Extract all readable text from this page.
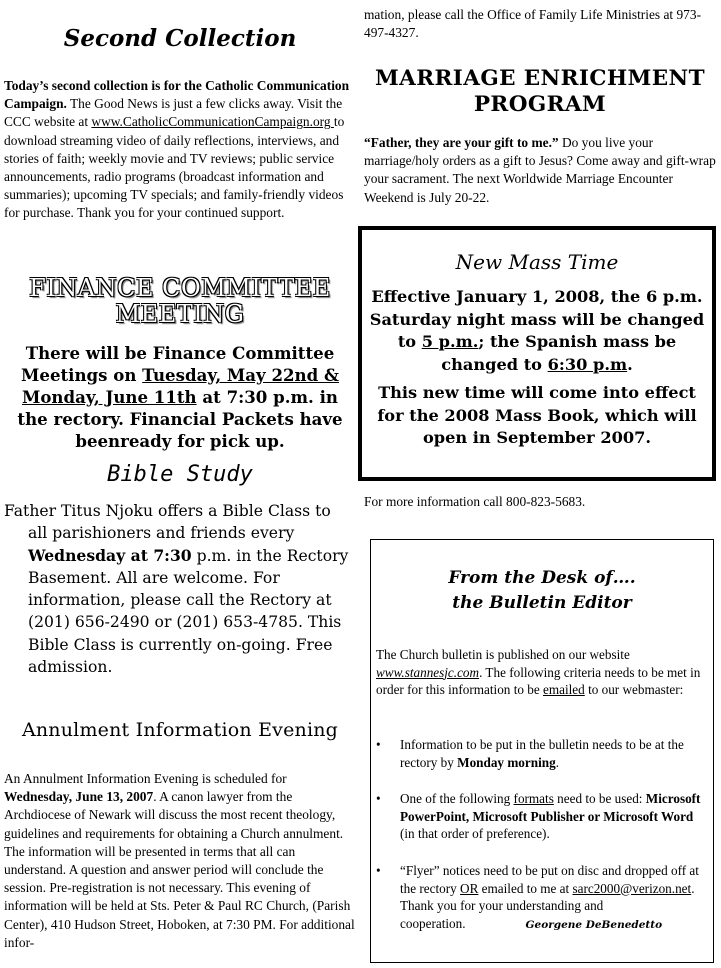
Second Collection
Today’s second collection is for the Catholic Communication Campaign. The Good News is just a few clicks away. Visit the CCC website at www.CatholicCommunicationCampaign.org to download streaming video of daily reflections, interviews, and stories of faith; weekly movie and TV reviews; public service announcements, radio programs (broadcast information and summaries); upcoming TV specials; and family-friendly videos for purchase. Thank you for your continued support.
FINANCE COMMITTEE
MEETING
There will be Finance Committee Meetings on Tuesday, May 22nd & Monday, June 11th at 7:30 p.m. in the rectory. Financial Packets have beenready for pick up.
Bible Study
Father Titus Njoku offers a Bible Class to all parishioners and friends every Wednesday at 7:30 p.m. in the Rectory Basement. All are welcome. For information, please call the Rectory at (201) 656-2490 or (201) 653-4785. This Bible Class is currently on-going. Free admission.
Annulment Information Evening
An Annulment Information Evening is scheduled for Wednesday, June 13, 2007. A canon lawyer from the Archdiocese of Newark will discuss the most recent theology, guidelines and requirements for obtaining a Church annulment. The information will be presented in terms that all can understand. A question and answer period will conclude the session. Pre-registration is not necessary. This evening of information will be held at Sts. Peter & Paul RC Church, (Parish Center), 410 Hudson Street, Hoboken, at 7:30 PM. For additional infor-
mation, please call the Office of Family Life Ministries at 973-497-4327.
MARRIAGE ENRICHMENT PROGRAM
“Father, they are your gift to me.” Do you live your marriage/holy orders as a gift to Jesus? Come away and gift-wrap your sacrament. The next Worldwide Marriage Encounter Weekend is July 20-22.
New Mass Time
Effective January 1, 2008, the 6 p.m. Saturday night mass will be changed to 5 p.m.; the Spanish mass be changed to 6:30 p.m.
This new time will come into effect for the 2008 Mass Book, which will open in September 2007.
For more information call 800-823-5683.
From the Desk of….
the Bulletin Editor
The Church bulletin is published on our website www.stannesjc.com. The following criteria needs to be met in order for this information to be emailed to our webmaster:
• Information to be put in the bulletin needs to be at the rectory by Monday morning.
• One of the following formats need to be used: Microsoft PowerPoint, Microsoft Publisher or Microsoft Word (in that order of preference).
• “Flyer” notices need to be put on disc and dropped off at the rectory OR emailed to me at sarc2000@verizon.net.
Thank you for your understanding and cooperation.	Georgene DeBenedetto
